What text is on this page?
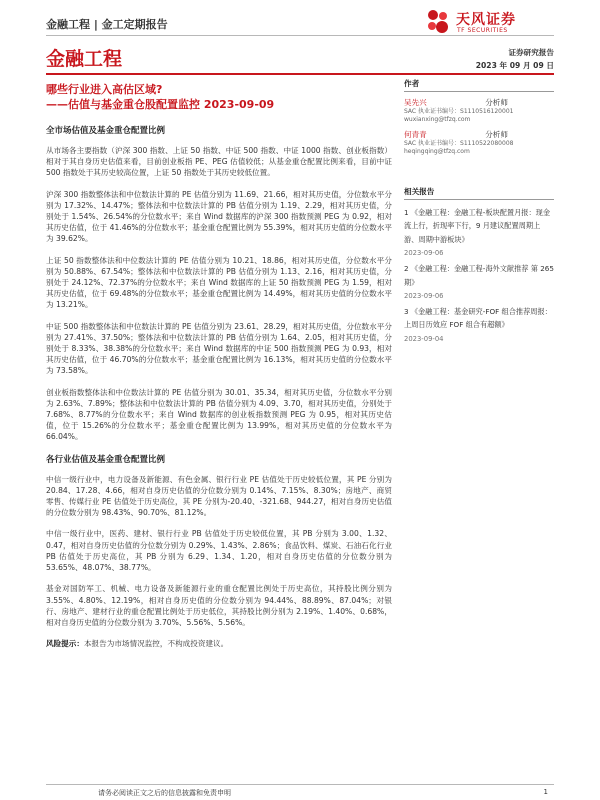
金融工程 | 金工定期报告	天风证券
TF SECURITIES
金融工程
哪些行业进入高估区域?
——估值与基金重仓股配置监控 2023-09-09
全市场估值及基金重仓配置比例

从市场各主要指数（沪深 300 指数、上证 50 指数、中证 500 指数、中证 1000 指数、创业板指数）相对于其自身历史估值来看，目前创业板指 PE、PEG 估值较低；从基金重仓配置比例来看，目前中证 500 指数处于其历史较高位置，上证 50 指数处于其历史较低位置。

沪深 300 指数整体法和中位数法计算的 PE 估值分别为 11.69、21.66，相对其历史值，分位数水平分别为 17.32%、14.47%；整体法和中位数法计算的 PB 估值分别为 1.19、2.29，相对其历史值，分别处于 1.54%、26.54%的分位数水平；来自 Wind 数据库的沪深 300 指数预测 PEG 为 0.92，相对其历史估值，位于 41.46%的分位数水平；基金重仓配置比例为 55.39%，相对其历史值的分位数水平为 39.62%。

上证 50 指数整体法和中位数法计算的 PE 估值分别为 10.21、18.86，相对其历史值，分位数水平分别为 50.88%、67.54%；整体法和中位数法计算的 PB 估值分别为 1.13、2.16，相对其历史值，分别处于 24.12%、72.37%的分位数水平；来自 Wind 数据库的上证 50 指数预测 PEG 为 1.59，相对其历史估值，位于 69.48%的分位数水平；基金重仓配置比例为 14.49%，相对其历史值的分位数水平为 13.21%。

中证 500 指数整体法和中位数法计算的 PE 估值分别为 23.61、28.29，相对其历史值，分位数水平分别为 27.41%、37.50%；整体法和中位数法计算的 PB 估值分别为 1.64、2.05，相对其历史值，分别处于 8.33%、38.38%的分位数水平；来自 Wind 数据库的中证 500 指数预测 PEG 为 0.93，相对其历史估值，位于 46.70%的分位数水平；基金重仓配置比例为 16.13%，相对其历史值的分位数水平为 73.58%。

创业板指数整体法和中位数法计算的 PE 估值分别为 30.01、35.34，相对其历史值，分位数水平分别为 2.63%、7.89%；整体法和中位数法计算的 PB 估值分别为 4.09、3.70，相对其历史值，分别处于 7.68%、8.77%的分位数水平；来自 Wind 数据库的创业板指数预测 PEG 为 0.95，相对其历史估值，位于 15.26%的分位数水平；基金重仓配置比例为 13.99%，相对其历史值的分位数水平为 66.04%。

各行业估值及基金重仓配置比例

中信一级行业中，电力设备及新能源、有色金属、银行行业 PE 估值处于历史较低位置，其 PE 分别为 20.84、17.28、4.66，相对自身历史估值的分位数分别为 0.14%、7.15%、8.30%；房地产、商贸零售、传媒行业 PE 估值处于历史高位，其 PE 分别为-20.40、-321.68、944.27，相对自身历史估值的分位数分别为 98.43%、90.70%、81.12%。

中信一级行业中，医药、建材、银行行业 PB 估值处于历史较低位置，其 PB 分别为 3.00、1.32、0.47，相对自身历史估值的分位数分别为 0.29%、1.43%、2.86%；食品饮料、煤炭、石油石化行业 PB 估值处于历史高位，其 PB 分别为 6.29、1.34、1.20，相对自身历史估值的分位数分别为 53.65%、48.07%、38.77%。

基金对国防军工、机械、电力设备及新能源行业的重仓配置比例处于历史高位，其持股比例分别为 3.55%、4.80%、12.19%，相对自身历史值的分位数分别为 94.44%、88.89%、87.04%；对银行、房地产、建材行业的重仓配置比例处于历史低位，其持股比例分别为 2.19%、1.40%、0.68%，相对自身历史值的分位数分别为 3.70%、5.56%、5.56%。

风险提示：本报告为市场情况监控，不构成投资建议。

证券研究报告
2023 年 09 月 09 日
作者
吴先兴	分析师
SAC 执业证书编号：S1110516120001
wuxianxing@tfzq.com
何青青	分析师
SAC 执业证书编号：S1110522080008
heqingqing@tfzq.com
相关报告
1 《金融工程：金融工程-板块配置月报：现金流上行，折现率下行，9 月建议配置周期上游、周期中游板块》
2023-09-06
2 《金融工程：金融工程-海外文献推荐 第 265 期》
2023-09-06
3 《金融工程：基金研究-FOF 组合推荐周报：上周日历效应 FOF 组合有超额》
2023-09-04
请务必阅读正文之后的信息披露和免责申明	1
